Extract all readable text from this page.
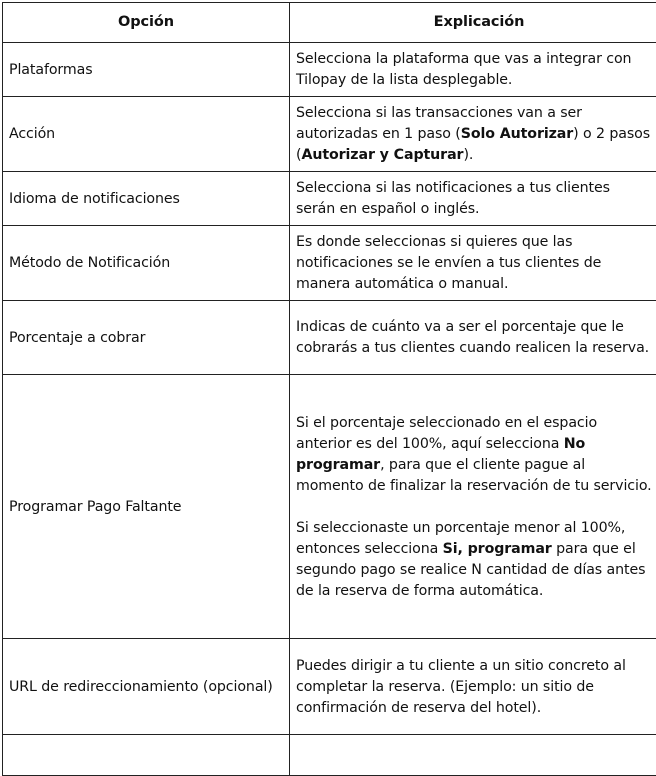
Opción	Explicación
Plataformas	Selecciona la plataforma que vas a integrar con Tilopay de la lista desplegable.
Acción	Selecciona si las transacciones van a ser autorizadas en 1 paso (Solo Autorizar) o 2 pasos (Autorizar y Capturar).
Idioma de notificaciones	Selecciona si las notificaciones a tus clientes serán en español o inglés.
Método de Notificación	Es donde seleccionas si quieres que las notificaciones se le envíen a tus clientes de manera automática o manual.
Porcentaje a cobrar	Indicas de cuánto va a ser el porcentaje que le cobrarás a tus clientes cuando realicen la reserva.
Programar Pago Faltante	Si el porcentaje seleccionado en el espacio anterior es del 100%, aquí selecciona No programar, para que el cliente pague al momento de finalizar la reservación de tu servicio.
Si seleccionaste un porcentaje menor al 100%, entonces selecciona Si, programar para que el segundo pago se realice N cantidad de días antes de la reserva de forma automática.
URL de redireccionamiento (opcional)	Puedes dirigir a tu cliente a un sitio concreto al completar la reserva. (Ejemplo: un sitio de confirmación de reserva del hotel).
